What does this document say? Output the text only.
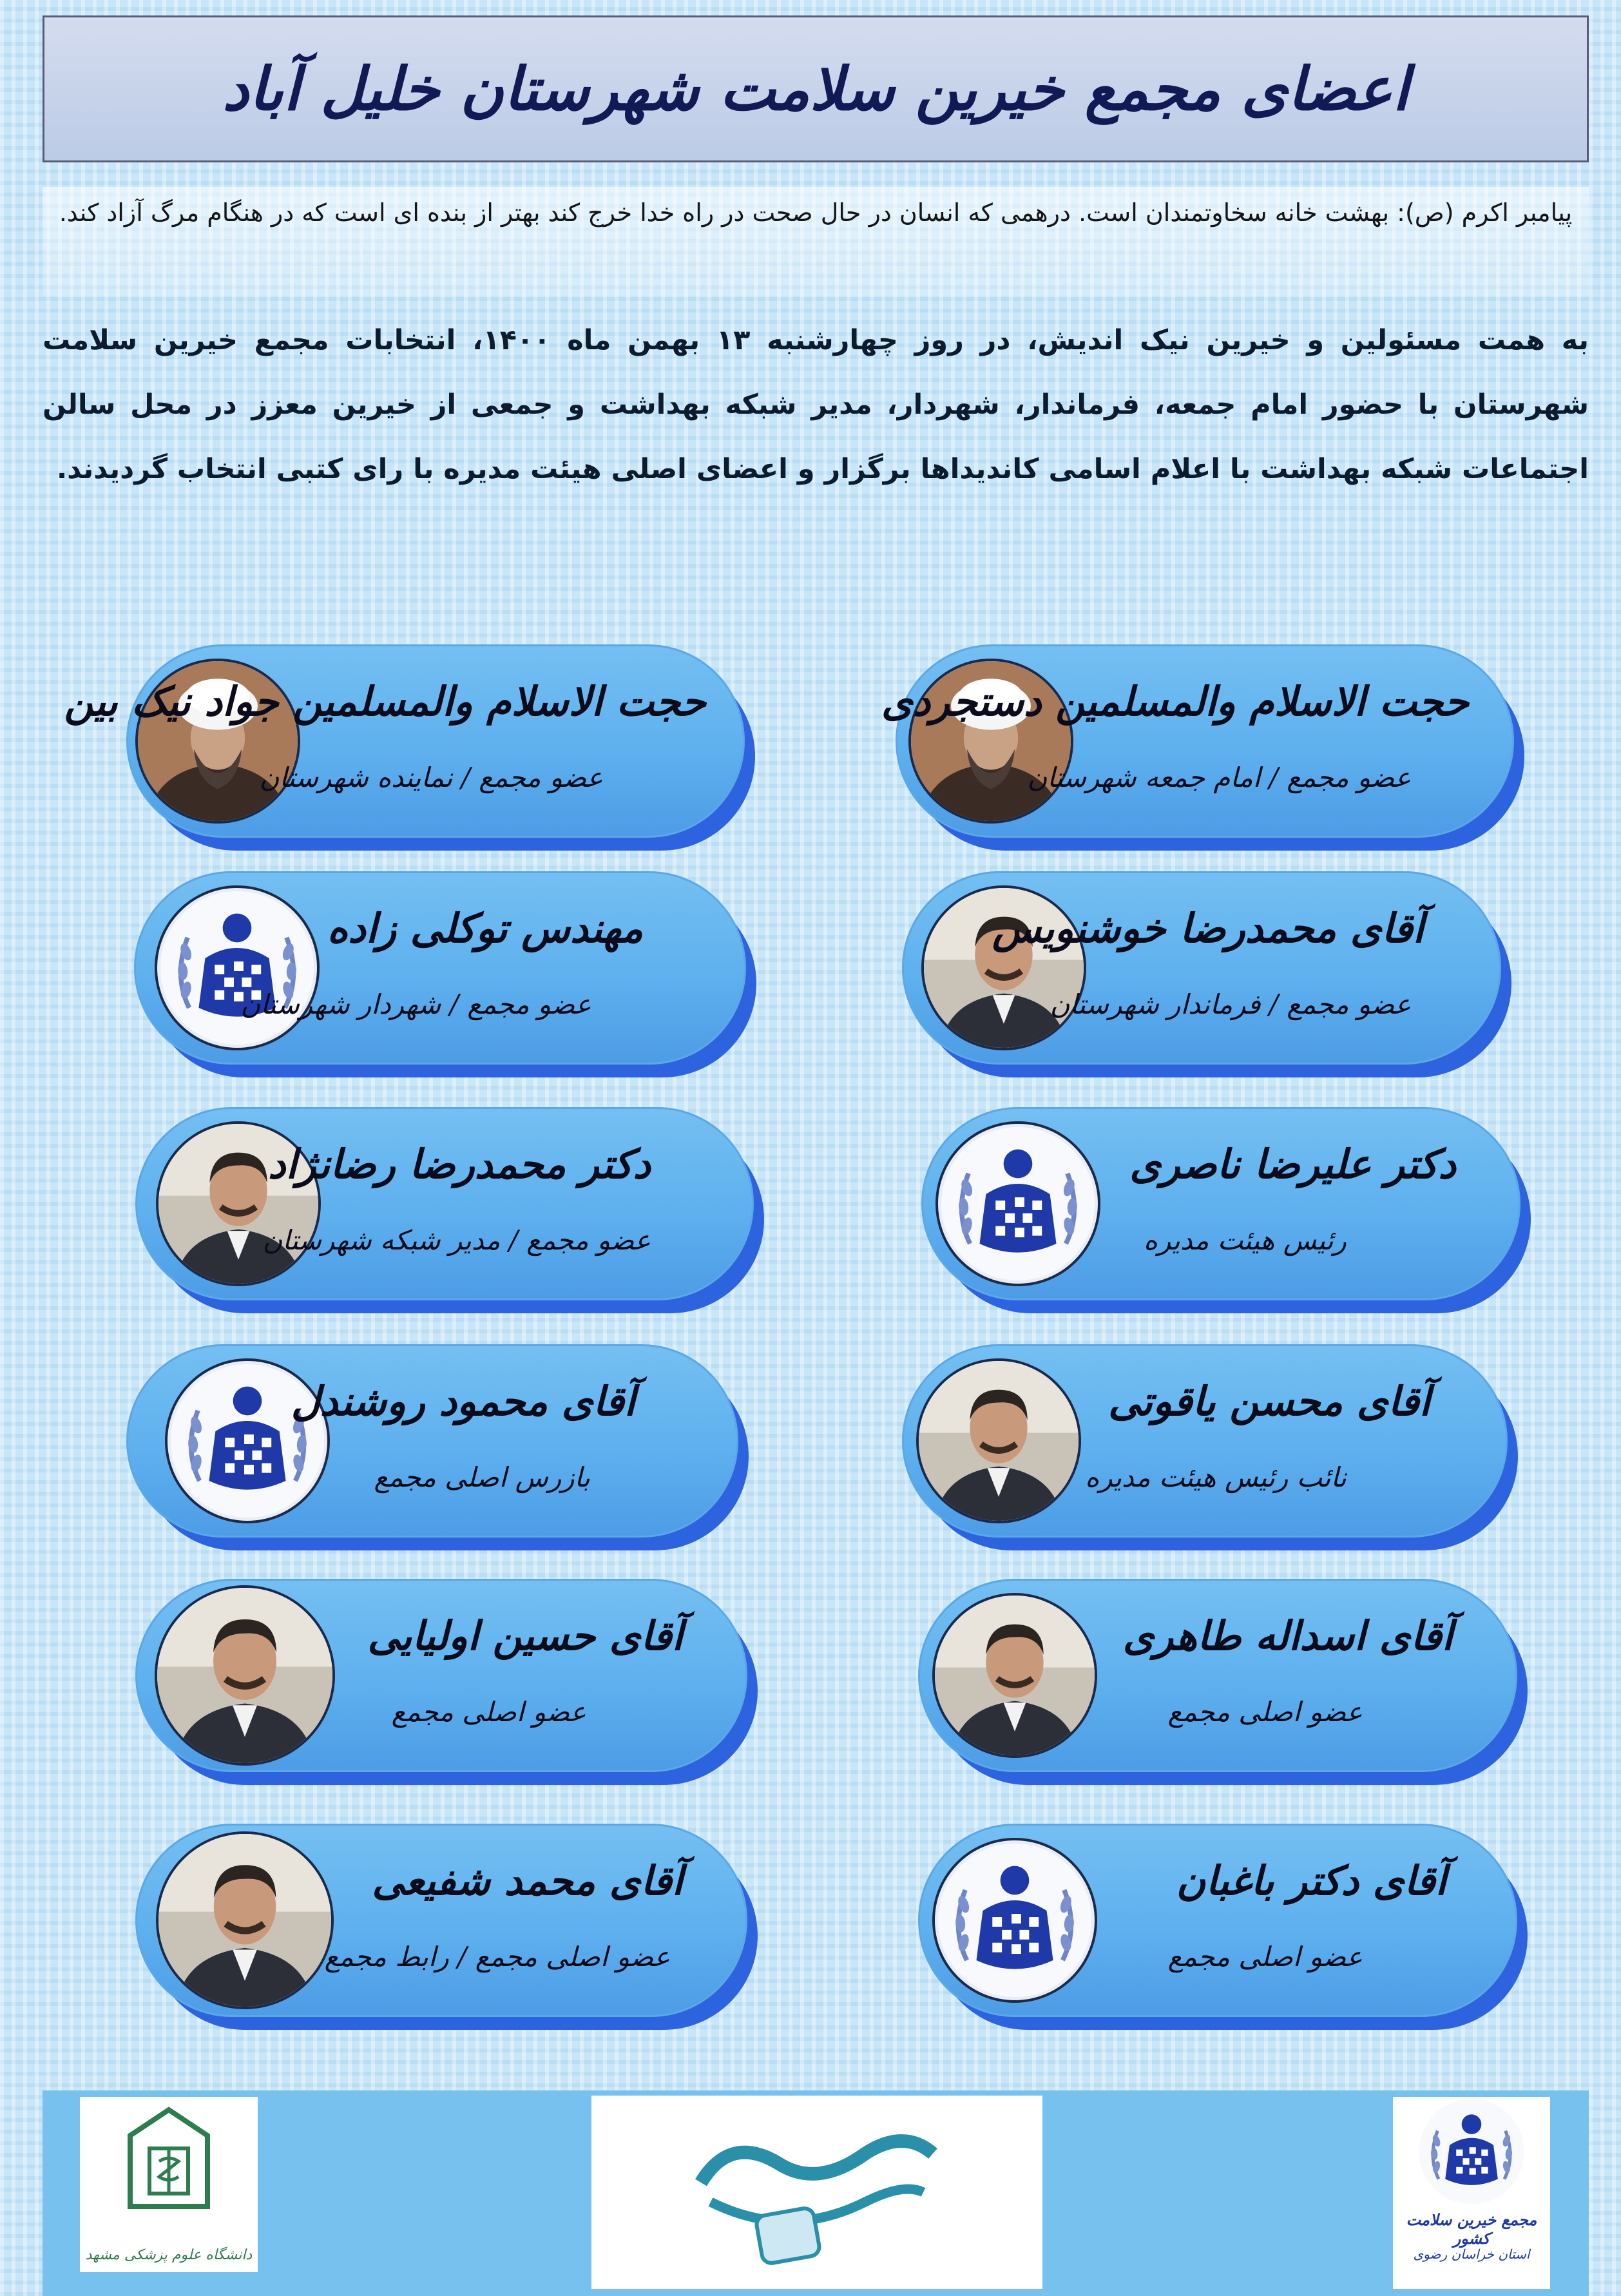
اعضای مجمع خیرین سلامت شهرستان خلیل آباد
پیامبر اکرم (ص): بهشت خانه سخاوتمندان است. درهمی که انسان در حال صحت در راه خدا خرج کند بهتر از بنده ای است که در هنگام مرگ آزاد کند.
به همت مسئولین و خیرین نیک اندیش، در روز چهارشنبه ۱۳ بهمن ماه ۱۴۰۰، انتخابات مجمع خیرین سلامت شهرستان با حضور امام جمعه، فرماندار، شهردار، مدیر شبکه بهداشت و جمعی از خیرین معزز در محل سالن اجتماعات شبکه بهداشت با اعلام اسامی کاندیداها برگزار و اعضای اصلی هیئت مدیره با رای کتبی انتخاب گردیدند.
حجت الاسلام والمسلمین دستجردی
عضو مجمع / امام جمعه شهرستان
آقای محمدرضا خوشنویس
عضو مجمع / فرماندار شهرستان
دکتر علیرضا ناصری
رئیس هیئت مدیره
آقای محسن یاقوتی
نائب رئیس هیئت مدیره
آقای اسداله طاهری
عضو اصلی مجمع
آقای دکتر باغبان
عضو اصلی مجمع
حجت الاسلام والمسلمین جواد نیک بین
عضو مجمع / نماینده شهرستان
مهندس توکلی زاده
عضو مجمع / شهردار شهرستان
دکتر محمدرضا رضانژاد
عضو مجمع / مدیر شبکه شهرستان
آقای محمود روشندل
بازرس اصلی مجمع
آقای حسین اولیایی
عضو اصلی مجمع
آقای محمد شفیعی
عضو اصلی مجمع / رابط مجمع
دانشگاه علوم پزشکی مشهد
مجمع خیرین سلامت کشور
استان خراسان رضوی
